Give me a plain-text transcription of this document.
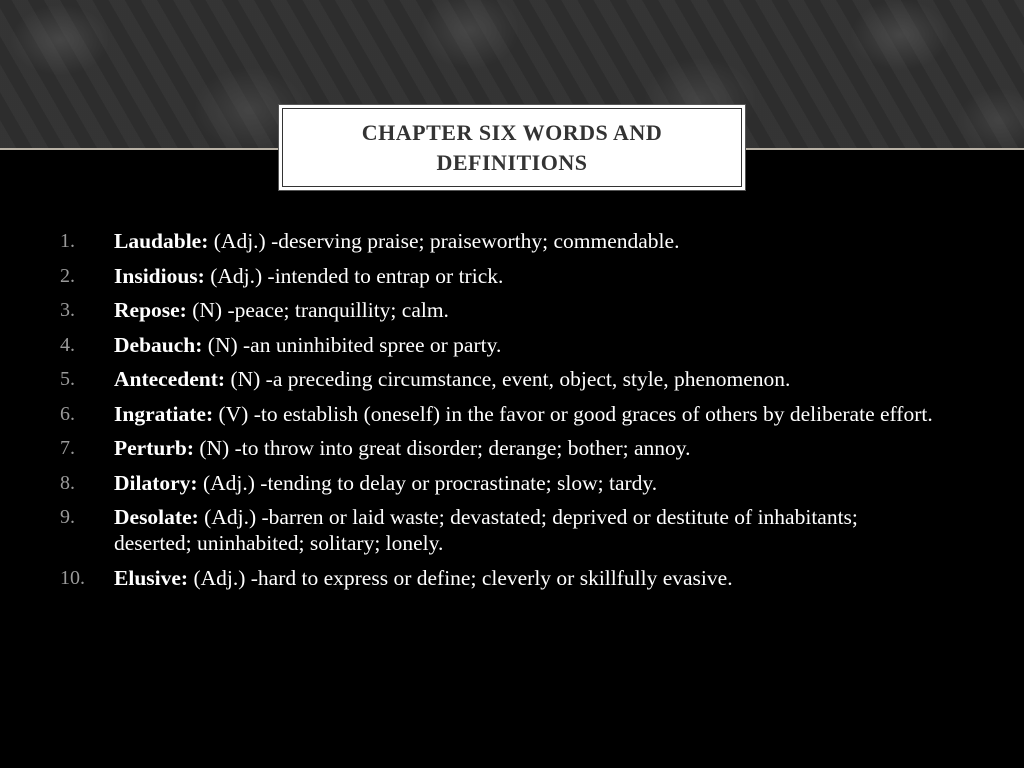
CHAPTER SIX WORDS AND DEFINITIONS
1.	Laudable: (Adj.) -deserving praise; praiseworthy; commendable.
2.	Insidious: (Adj.) -intended to entrap or trick.
3.	Repose: (N) -peace; tranquillity; calm.
4.	Debauch: (N) -an uninhibited spree or party.
5.	Antecedent: (N) -a preceding circumstance, event, object, style, phenomenon.
6.	Ingratiate: (V) -to establish (oneself) in the favor or good graces of others by deliberate effort.
7.	Perturb: (N) -to throw into great disorder; derange; bother; annoy.
8.	Dilatory: (Adj.) -tending to delay or procrastinate; slow; tardy.
9.	Desolate: (Adj.) -barren or laid waste; devastated; deprived or destitute of inhabitants; deserted; uninhabited; solitary; lonely.
10.	Elusive: (Adj.) -hard to express or define; cleverly or skillfully evasive.
